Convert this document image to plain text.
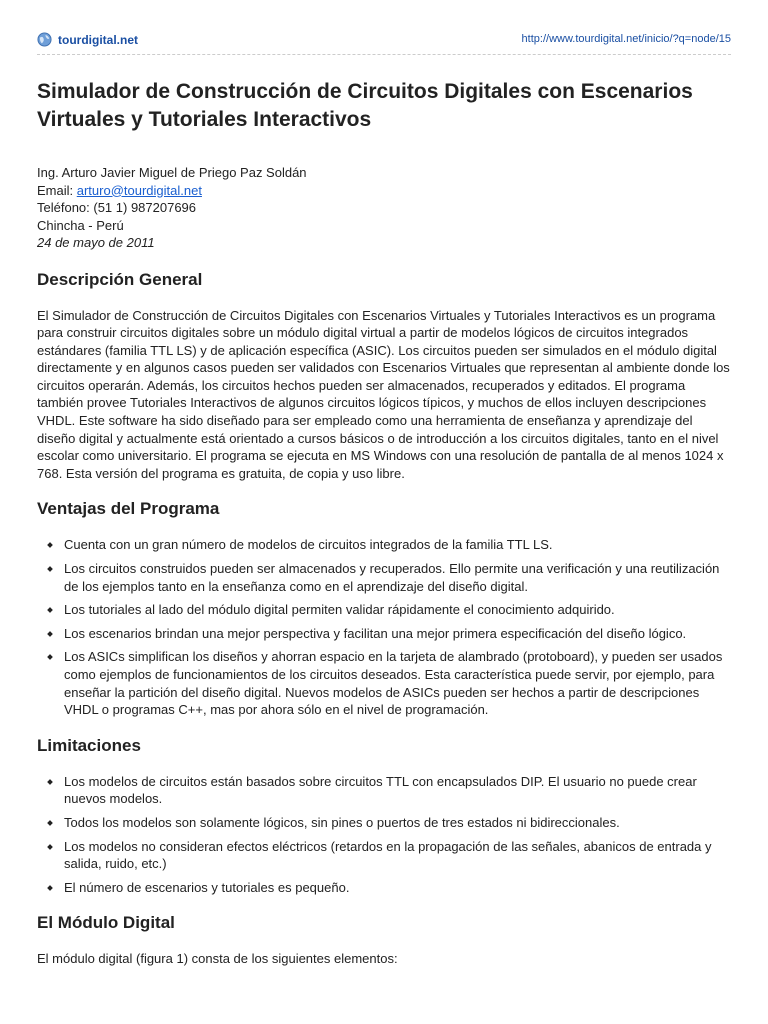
tourdigital.net	http://www.tourdigital.net/inicio/?q=node/15
Simulador de Construcción de Circuitos Digitales con Escenarios Virtuales y Tutoriales Interactivos
Ing. Arturo Javier Miguel de Priego Paz Soldán
Email: arturo@tourdigital.net
Teléfono: (51 1) 987207696
Chincha - Perú
24 de mayo de 2011
Descripción General

El Simulador de Construcción de Circuitos Digitales con Escenarios Virtuales y Tutoriales Interactivos es un programa para construir circuitos digitales sobre un módulo digital virtual a partir de modelos lógicos de circuitos integrados estándares (familia TTL LS) y de aplicación específica (ASIC). Los circuitos pueden ser simulados en el módulo digital directamente y en algunos casos pueden ser validados con Escenarios Virtuales que representan al ambiente donde los circuitos operarán. Además, los circuitos hechos pueden ser almacenados, recuperados y editados. El programa también provee Tutoriales Interactivos de algunos circuitos lógicos típicos, y muchos de ellos incluyen descripciones VHDL. Este software ha sido diseñado para ser empleado como una herramienta de enseñanza y aprendizaje del diseño digital y actualmente está orientado a cursos básicos o de introducción a los circuitos digitales, tanto en el nivel escolar como universitario. El programa se ejecuta en MS Windows con una resolución de pantalla de al menos 1024 x 768. Esta versión del programa es gratuita, de copia y uso libre.

Ventajas del Programa
Cuenta con un gran número de modelos de circuitos integrados de la familia TTL LS.
Los circuitos construidos pueden ser almacenados y recuperados. Ello permite una verificación y una reutilización de los ejemplos tanto en la enseñanza como en el aprendizaje del diseño digital.
Los tutoriales al lado del módulo digital permiten validar rápidamente el conocimiento adquirido.
Los escenarios brindan una mejor perspectiva y facilitan una mejor primera especificación del diseño lógico.
Los ASICs simplifican los diseños y ahorran espacio en la tarjeta de alambrado (protoboard), y pueden ser usados como ejemplos de funcionamientos de los circuitos deseados. Esta característica puede servir, por ejemplo, para enseñar la partición del diseño digital. Nuevos modelos de ASICs pueden ser hechos a partir de descripciones VHDL o programas C++, mas por ahora sólo en el nivel de programación.
Limitaciones
Los modelos de circuitos están basados sobre circuitos TTL con encapsulados DIP. El usuario no puede crear nuevos modelos.
Todos los modelos son solamente lógicos, sin pines o puertos de tres estados ni bidireccionales.
Los modelos no consideran efectos eléctricos (retardos en la propagación de las señales, abanicos de entrada y salida, ruido, etc.)
El número de escenarios y tutoriales es pequeño.
El Módulo Digital

El módulo digital (figura 1) consta de los siguientes elementos:
